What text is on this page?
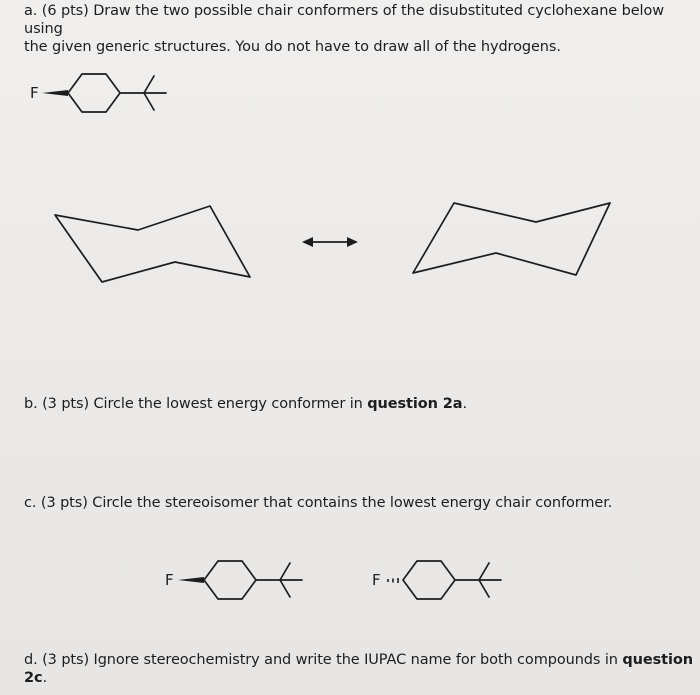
a. (6 pts) Draw the two possible chair conformers of the disubstituted cyclohexane below using
the given generic structures. You do not have to draw all of the hydrogens.
F
b. (3 pts) Circle the lowest energy conformer in question 2a.
c. (3 pts) Circle the stereoisomer that contains the lowest energy chair conformer.
F	F
d. (3 pts) Ignore stereochemistry and write the IUPAC name for both compounds in question 2c.
